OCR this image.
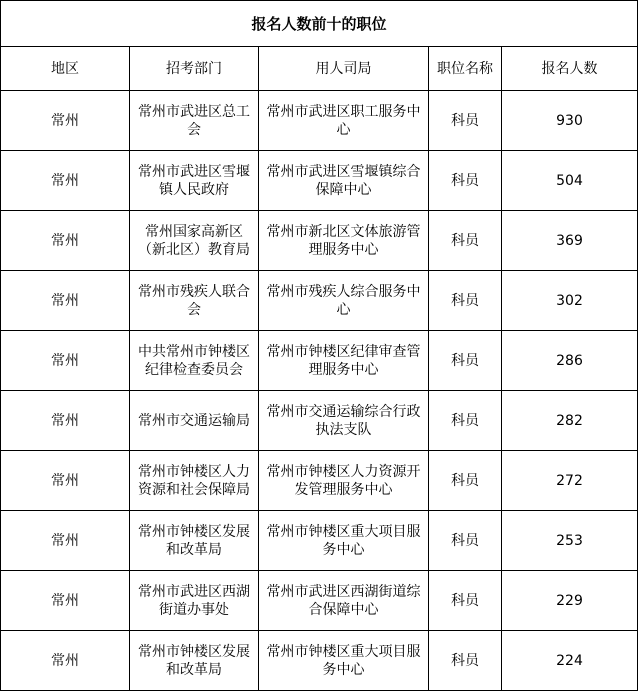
报名人数前十的职位				
地区	招考部门	用人司局	职位名称	报名人数
常州	常州市武进区总工会	常州市武进区职工服务中心	科员	930
常州	常州市武进区雪堰镇人民政府	常州市武进区雪堰镇综合保障中心	科员	504
常州	常州国家高新区（新北区）教育局	常州市新北区文体旅游管理服务中心	科员	369
常州	常州市残疾人联合会	常州市残疾人综合服务中心	科员	302
常州	中共常州市钟楼区纪律检查委员会	常州市钟楼区纪律审查管理服务中心	科员	286
常州	常州市交通运输局	常州市交通运输综合行政执法支队	科员	282
常州	常州市钟楼区人力资源和社会保障局	常州市钟楼区人力资源开发管理服务中心	科员	272
常州	常州市钟楼区发展和改革局	常州市钟楼区重大项目服务中心	科员	253
常州	常州市武进区西湖街道办事处	常州市武进区西湖街道综合保障中心	科员	229
常州	常州市钟楼区发展和改革局	常州市钟楼区重大项目服务中心	科员	224
